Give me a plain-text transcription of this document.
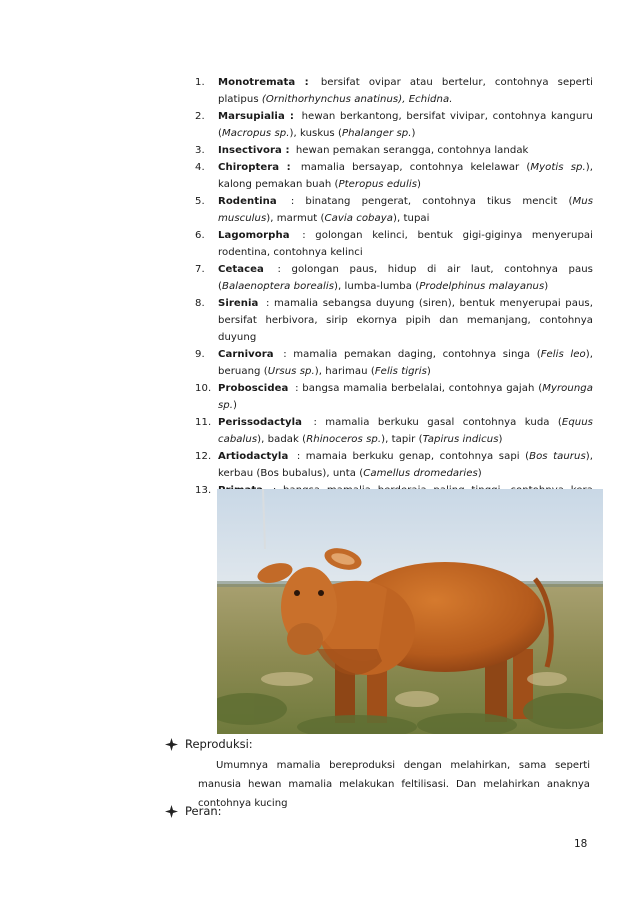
1.	Monotremata : bersifat ovipar atau bertelur, contohnya seperti platipus (Ornithorhynchus anatinus), Echidna.
2.	Marsupialia : hewan berkantong, bersifat vivipar, contohnya kanguru (Macropus sp.), kuskus (Phalanger sp.)
3.	Insectivora : hewan pemakan serangga, contohnya landak
4.	Chiroptera : mamalia bersayap, contohnya kelelawar (Myotis sp.), kalong pemakan buah (Pteropus edulis)
5.	Rodentina : binatang pengerat, contohnya tikus mencit (Mus musculus), marmut (Cavia cobaya), tupai
6.	Lagomorpha : golongan kelinci, bentuk gigi-giginya menyerupai rodentina, contohnya kelinci
7.	Cetacea : golongan paus, hidup di air laut, contohnya paus (Balaenoptera borealis), lumba-lumba (Prodelphinus malayanus)
8.	Sirenia : mamalia sebangsa duyung (siren), bentuk menyerupai paus, bersifat herbivora, sirip ekornya pipih dan memanjang, contohnya duyung
9.	Carnivora : mamalia pemakan daging, contohnya singa (Felis leo), beruang (Ursus sp.), harimau (Felis tigris)
10. Proboscidea : bangsa mamalia berbelalai, contohnya gajah (Myrounga sp.)
11. Perissodactyla : mamalia berkuku gasal contohnya kuda (Equus cabalus), badak (Rhinoceros sp.), tapir (Tapirus indicus)
12. Artiodactyla : mamaia berkuku genap, contohnya sapi (Bos taurus), kerbau (Bos bubalus), unta (Camellus dromedaries)
13.
Reproduksi:
Umumnya mamalia bereproduksi dengan melahirkan, sama seperti manusia hewan mamalia melakukan feltilisasi. Dan melahirkan anaknya contohnya kucing
Peran:
18
